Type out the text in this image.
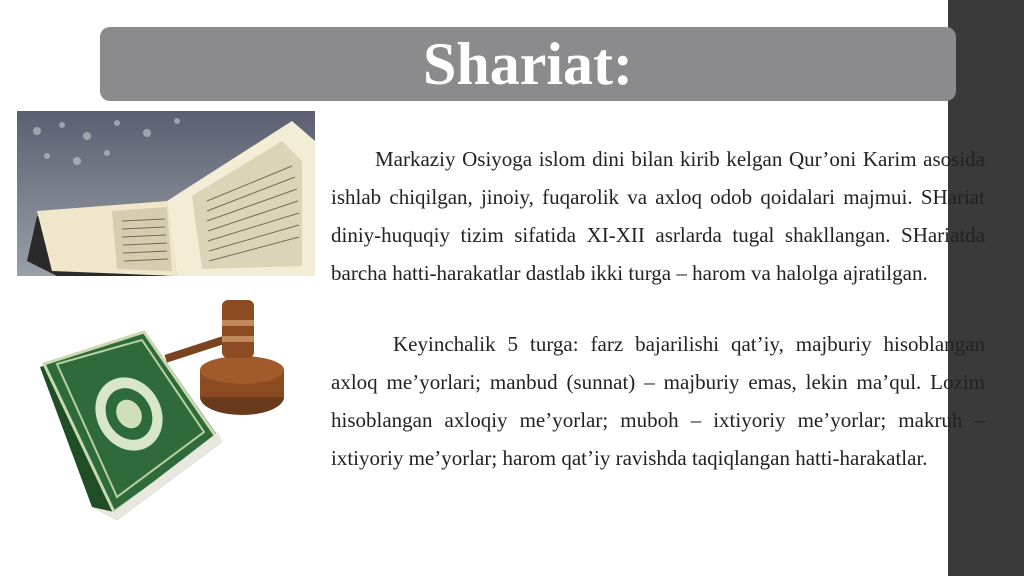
Shariat:

Markaziy Osiyoga islom dini bilan kirib kelgan Qur’oni Karim asosida ishlab chiqilgan, jinoiy, fuqarolik va axloq odob qoidalari majmui. SHariat diniy-huquqiy tizim sifatida XI-XII asrlarda tugal shakllangan. SHariatda barcha hatti-harakatlar dastlab ikki turga – harom va halolga ajratilgan.

Keyinchalik 5 turga: farz bajarilishi qat’iy, majburiy hisoblangan axloq me’yorlari; manbud (sunnat) – majburiy emas, lekin ma’qul. Lozim hisoblangan axloqiy me’yorlar; muboh – ixtiyoriy me’yorlar; makruh – ixtiyoriy me’yorlar; harom qat’iy ravishda taqiqlangan hatti-harakatlar.
